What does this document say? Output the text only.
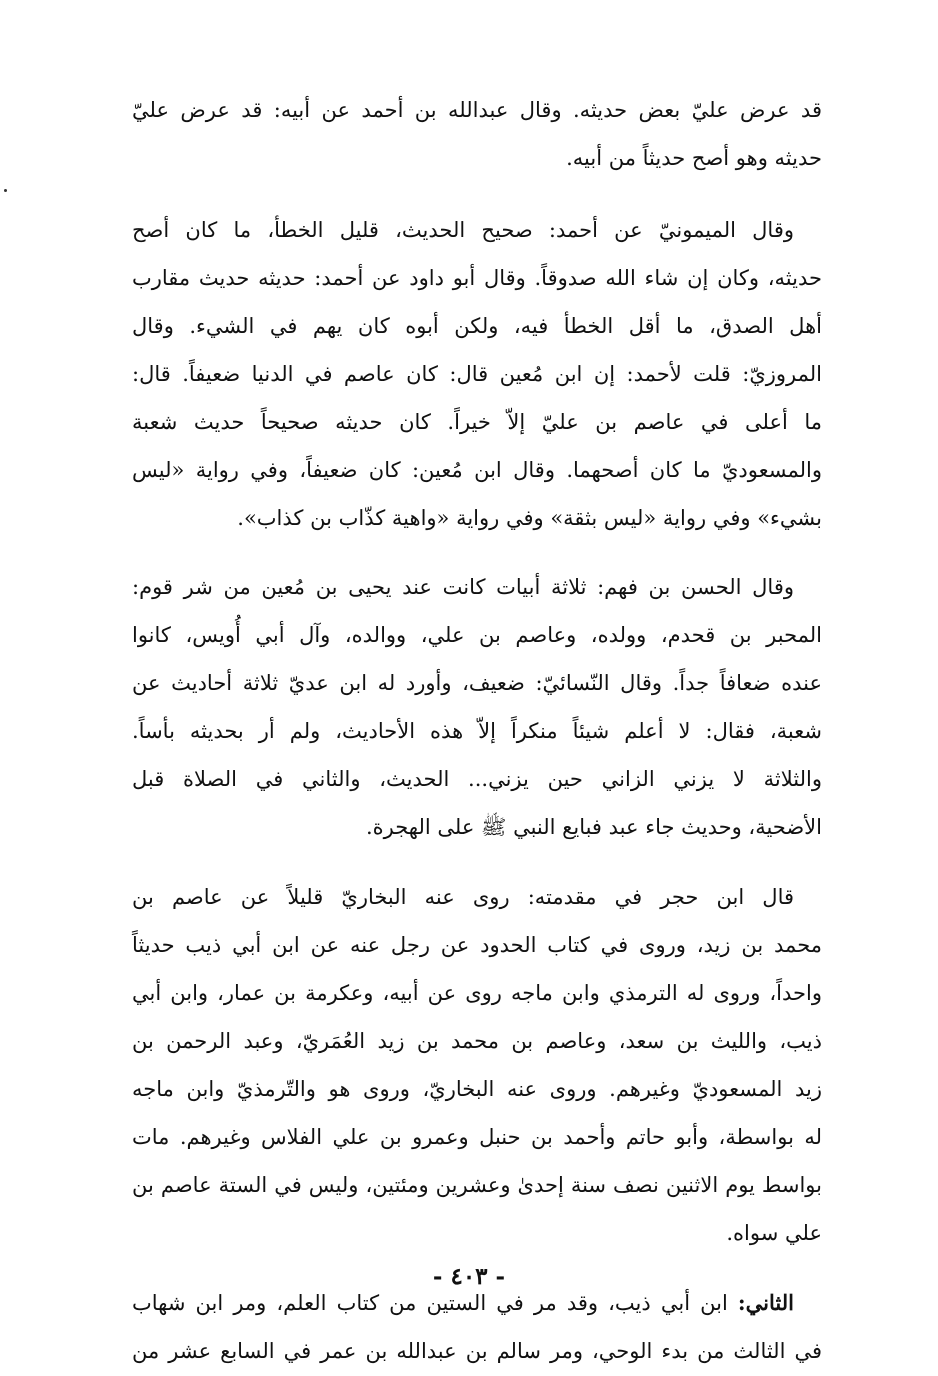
قد عرض عليّ بعض حديثه. وقال عبدالله بن أحمد عن أبيه: قد عرض عليّ
حديثه وهو أصح حديثاً من أبيه.

وقال الميمونيّ عن أحمد: صحيح الحديث، قليل الخطأ، ما كان أصح
حديثه، وكان إن شاء الله صدوقاً. وقال أبو داود عن أحمد: حديثه حديث مقارب
أهل الصدق، ما أقل الخطأ فيه، ولكن أبوه كان يهم في الشيء. وقال
المروزيّ: قلت لأحمد: إن ابن مُعين قال: كان عاصم في الدنيا ضعيفاً. قال:
ما أعلى في عاصم بن عليّ إلاّ خيراً. كان حديثه صحيحاً حديث شعبة
والمسعوديّ ما كان أصحهما. وقال ابن مُعين: كان ضعيفاً، وفي رواية «ليس
بشيء» وفي رواية «ليس بثقة» وفي رواية «واهية كذّاب بن كذاب».

وقال الحسن بن فهم: ثلاثة أبيات كانت عند يحيى بن مُعين من شر قوم:
المحبر بن قحدم، وولده، وعاصم بن علي، ووالده، وآل أبي أُويس، كانوا
عنده ضعافاً جداً. وقال النّسائيّ: ضعيف، وأورد له ابن عديّ ثلاثة أحاديث عن
شعبة، فقال: لا أعلم شيئاً منكراً إلاّ هذه الأحاديث، ولم أر بحديثه بأساً.
والثلاثة لا يزني الزاني حين يزني... الحديث، والثاني في الصلاة قبل
الأضحية، وحديث جاء عبد فبايع النبي ﷺ على الهجرة.

قال ابن حجر في مقدمته: روى عنه البخاريّ قليلاً عن عاصم بن
محمد بن زيد، وروى في كتاب الحدود عن رجل عنه عن ابن أبي ذيب حديثاً
واحداً، وروى له الترمذي وابن ماجه روى عن أبيه، وعكرمة بن عمار، وابن أبي
ذيب، والليث بن سعد، وعاصم بن محمد بن زيد العُمَريّ، وعبد الرحمن بن
زيد المسعوديّ وغيرهم. وروى عنه البخاريّ، وروى هو والتّرمذيّ وابن ماجه
له بواسطة، وأبو حاتم وأحمد بن حنبل وعمرو بن علي الفلاس وغيرهم. مات
بواسط يوم الاثنين نصف سنة إحدىٰ وعشرين ومئتين، وليس في الستة عاصم بن
علي سواه.

الثاني: ابن أبي ذيب، وقد مر في الستين من كتاب العلم، ومر ابن شهاب
في الثالث من بدء الوحي، ومر سالم بن عبدالله بن عمر في السابع عشر من

- ٤٠٣ -
